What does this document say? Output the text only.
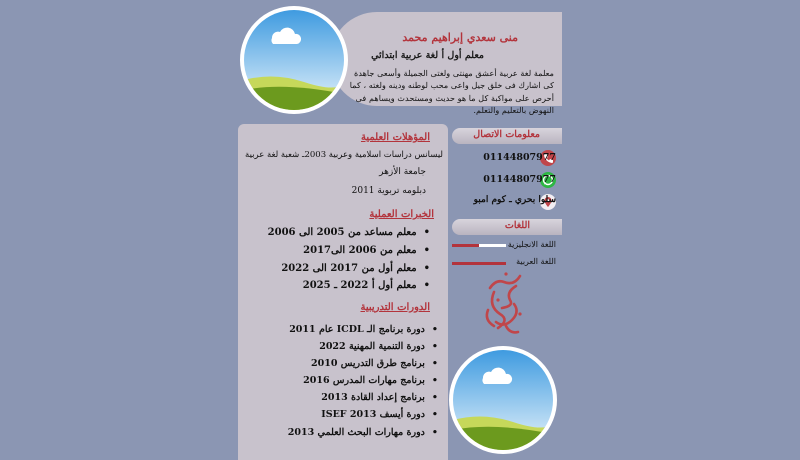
منى سعدي إبراهيم محمد
معلم أول أ لغة عربية ابتدائي
معلمة لغة عربية أعشق مهنتى ولغتى الجميلة وأسعى جاهدة كى اشارك فى خلق جيل واعى محب لوطنه ودينه ولغته ، كما أحرص على مواكبة كل ما هو حديث ومستحدث ويساهم فى النهوض بالتعليم والتعلم.
المؤهلات العلمية
ليسانس دراسات اسلامية وعربية 2003ـ شعبة لغة عربية
جامعة الأزهر
دبلومه تربوية 2011
الخبرات العملية
• معلم مساعد من 2005 الى 2006
• معلم من 2006 الى2017
• معلم أول من 2017 الى 2022
• معلم أول أ 2022 ـ 2025
الدورات التدريبية
• دورة برنامج الـ ICDL عام 2011
• دورة التنمية المهنية 2022
• برنامج طرق التدريس 2010
• برنامج مهارات المدرس 2016
• برنامج إعداد القادة 2013
• دورة أيسف 2013 ISEF
• دورة مهارات البحث العلمي 2013
معلومات الاتصال
01144807977
01144807977
سلوا بحري ـ كوم امبو
اللغات
اللغة الانجليزية
اللغة العربية
